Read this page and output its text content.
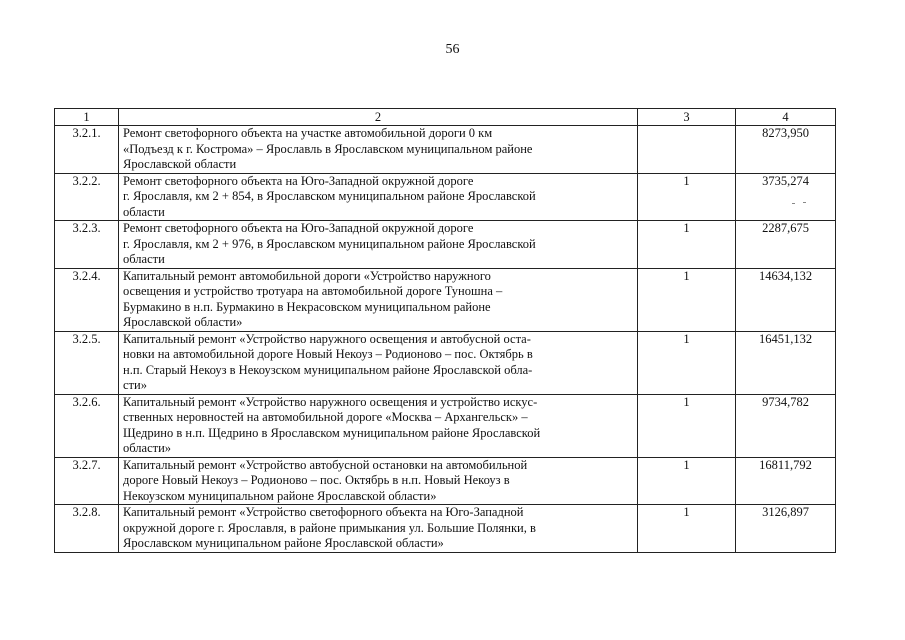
56
1	2	3	4
3.2.1.	Ремонт светофорного объекта на участке автомобильной дороги 0 км
«Подъезд к г. Кострома» – Ярославль в Ярославском муниципальном районе
Ярославской области		8273,950
3.2.2.	Ремонт светофорного объекта на Юго-Западной окружной дороге
г. Ярославля, км 2 + 854, в Ярославском муниципальном районе Ярославской
области	1	3735,274
3.2.3.	Ремонт светофорного объекта на Юго-Западной окружной дороге
г. Ярославля, км 2 + 976, в Ярославском муниципальном районе Ярославской
области	1	2287,675
3.2.4.	Капитальный ремонт автомобильной дороги «Устройство наружного
освещения и устройство тротуара на автомобильной дороге Туношна –
Бурмакино в н.п. Бурмакино в Некрасовском муниципальном районе
Ярославской области»	1	14634,132
3.2.5.	Капитальный ремонт «Устройство наружного освещения и автобусной оста-
новки на автомобильной дороге Новый Некоуз – Родионово – пос. Октябрь в
н.п. Старый Некоуз в Некоузском муниципальном районе Ярославской обла-
сти»	1	16451,132
3.2.6.	Капитальный ремонт «Устройство наружного освещения и устройство искус-
ственных неровностей на автомобильной дороге «Москва – Архангельск» –
Щедрино в н.п. Щедрино в Ярославском муниципальном районе Ярославской
области»	1	9734,782
3.2.7.	Капитальный ремонт «Устройство автобусной остановки на автомобильной
дороге Новый Некоуз – Родионово – пос. Октябрь в н.п. Новый Некоуз в
Некоузском муниципальном районе Ярославской области»	1	16811,792
3.2.8.	Капитальный ремонт «Устройство светофорного объекта на Юго-Западной
окружной дороге г. Ярославля, в районе примыкания ул. Большие Полянки, в
Ярославском муниципальном районе Ярославской области»	1	3126,897
